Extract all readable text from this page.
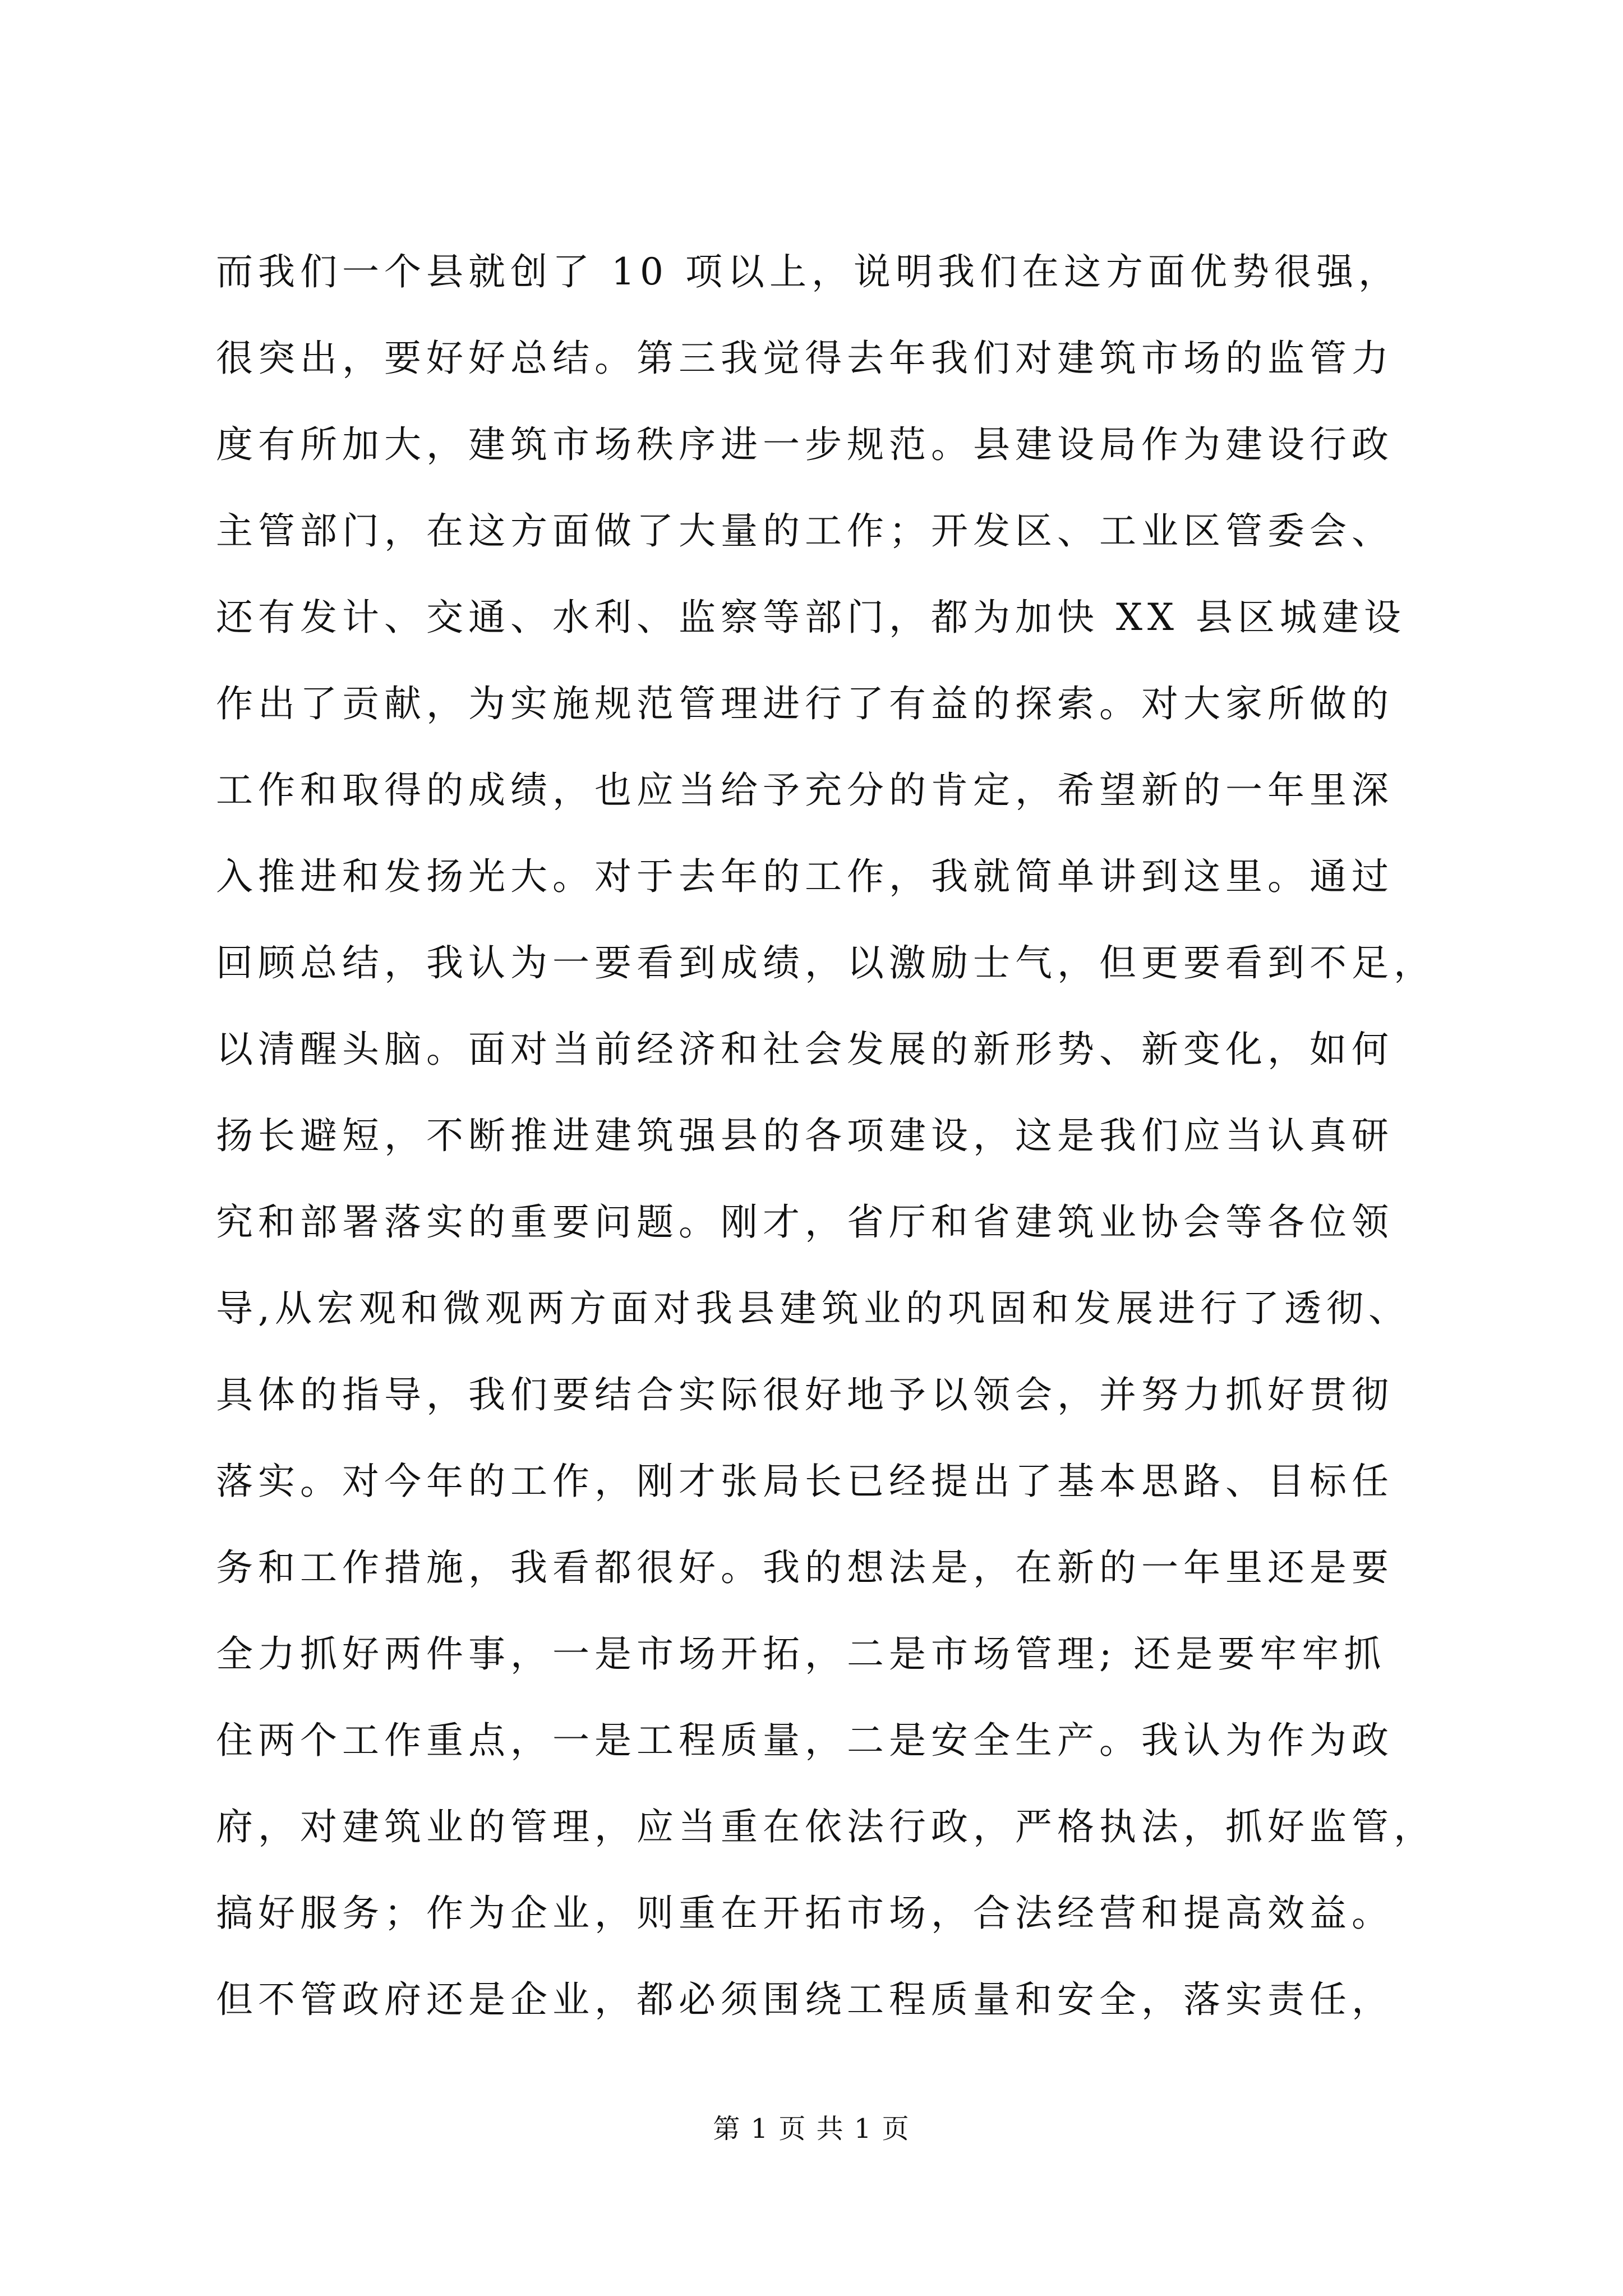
而我们一个县就创了 10 项以上，说明我们在这方面优势很强，
很突出，要好好总结。第三我觉得去年我们对建筑市场的监管力
度有所加大，建筑市场秩序进一步规范。县建设局作为建设行政
主管部门，在这方面做了大量的工作；开发区、工业区管委会、
还有发计、交通、水利、监察等部门，都为加快 XX 县区城建设
作出了贡献，为实施规范管理进行了有益的探索。对大家所做的
工作和取得的成绩，也应当给予充分的肯定，希望新的一年里深
入推进和发扬光大。对于去年的工作，我就简单讲到这里。通过
回顾总结，我认为一要看到成绩，以激励士气，但更要看到不足，
以清醒头脑。面对当前经济和社会发展的新形势、新变化，如何
扬长避短，不断推进建筑强县的各项建设，这是我们应当认真研
究和部署落实的重要问题。刚才，省厅和省建筑业协会等各位领
导,从宏观和微观两方面对我县建筑业的巩固和发展进行了透彻、
具体的指导，我们要结合实际很好地予以领会，并努力抓好贯彻
落实。对今年的工作，刚才张局长已经提出了基本思路、目标任
务和工作措施，我看都很好。我的想法是，在新的一年里还是要
全力抓好两件事，一是市场开拓，二是市场管理; 还是要牢牢抓
住两个工作重点，一是工程质量，二是安全生产。我认为作为政
府，对建筑业的管理，应当重在依法行政，严格执法，抓好监管，
搞好服务；作为企业，则重在开拓市场，合法经营和提高效益。
但不管政府还是企业，都必须围绕工程质量和安全，落实责任，
第 1 页 共 1 页
